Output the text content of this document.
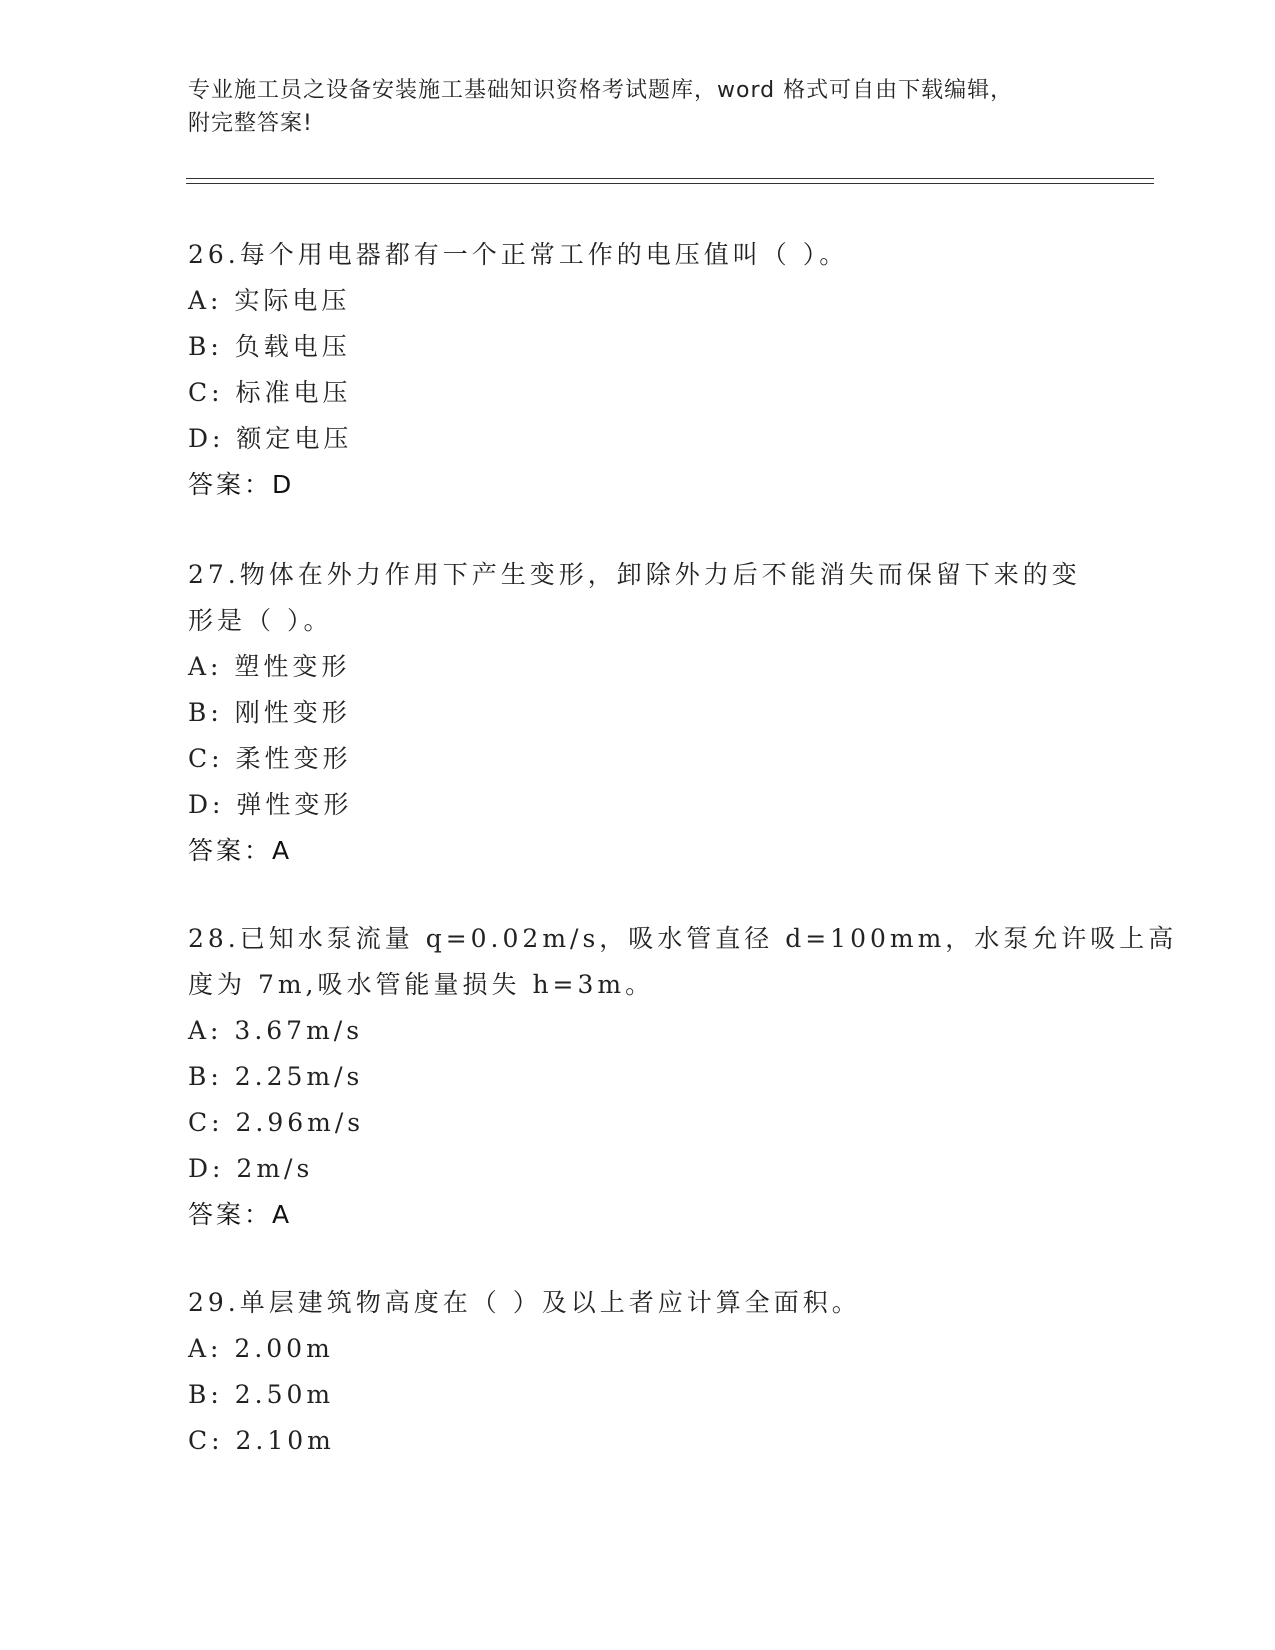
专业施工员之设备安装施工基础知识资格考试题库，word 格式可自由下载编辑，
附完整答案!

26.每个用电器都有一个正常工作的电压值叫（ ）。

A: 实际电压

B: 负载电压

C: 标准电压

D: 额定电压

答案：D

27.物体在外力作用下产生变形，卸除外力后不能消失而保留下来的变

形是（ ）。

A: 塑性变形

B: 刚性变形

C: 柔性变形

D: 弹性变形

答案：A

28.已知水泵流量 q=0.02m/s，吸水管直径 d=100mm，水泵允许吸上高

度为 7m,吸水管能量损失 h=3m。

A: 3.67m/s

B: 2.25m/s

C: 2.96m/s

D: 2m/s

答案：A

29.单层建筑物高度在（ ）及以上者应计算全面积。

A: 2.00m

B: 2.50m

C: 2.10m
